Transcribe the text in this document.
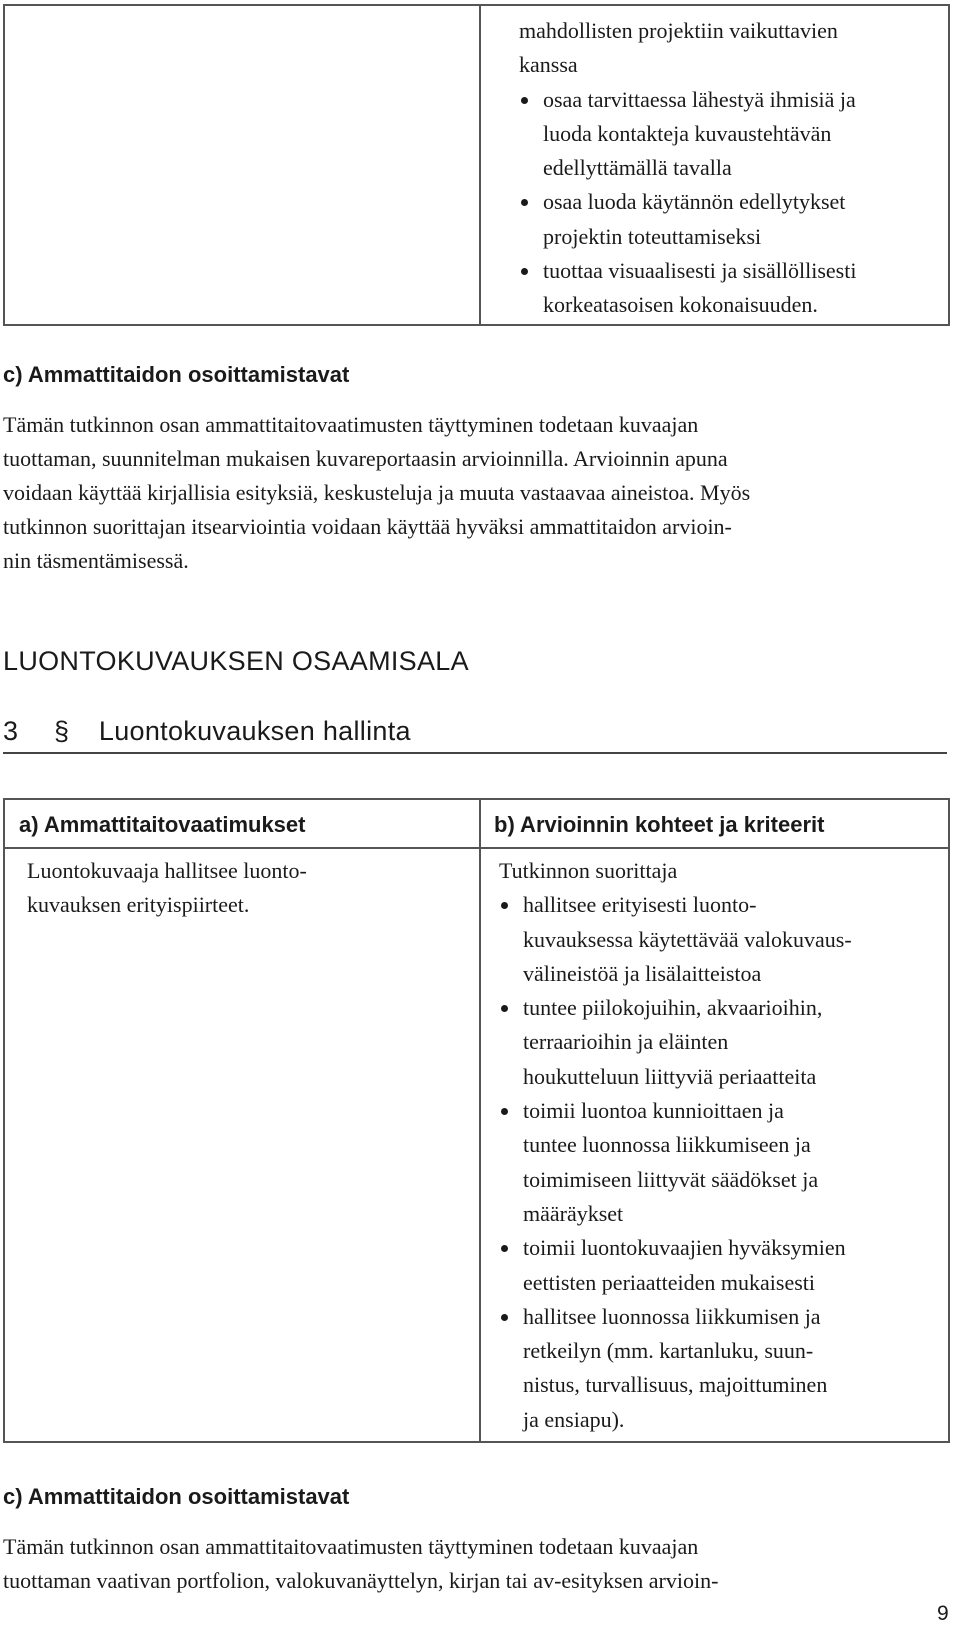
mahdollisten projektiin vaikuttavien
kanssa
osaa tarvittaessa lähestyä ihmisiä ja
luoda kontakteja kuvaustehtävän
edellyttämällä tavalla
osaa luoda käytännön edellytykset
projektin toteuttamiseksi
tuottaa visuaalisesti ja sisällöllisesti
korkeatasoisen kokonaisuuden.
c) Ammattitaidon osoittamistavat
Tämän tutkinnon osan ammattitaitovaatimusten täyttyminen todetaan kuvaajan
tuottaman, suunnitelman mukaisen kuvareportaasin arvioinnilla. Arvioinnin apuna
voidaan käyttää kirjallisia esityksiä, keskusteluja ja muuta vastaavaa aineistoa. Myös
tutkinnon suorittajan itsearviointia voidaan käyttää hyväksi ammattitaidon arvioin-
nin täsmentämisessä.
LUONTOKUVAUKSEN OSAAMISALA
3 § Luontokuvauksen hallinta
a) Ammattitaitovaatimukset	b) Arvioinnin kohteet ja kriteerit
Luontokuvaaja hallitsee luonto-
kuvauksen erityispiirteet.
Tutkinnon suorittaja
hallitsee erityisesti luonto-
kuvauksessa käytettävää valokuvaus-
välineistöä ja lisälaitteistoa
tuntee piilokojuihin, akvaarioihin,
terraarioihin ja eläinten
houkutteluun liittyviä periaatteita
toimii luontoa kunnioittaen ja
tuntee luonnossa liikkumiseen ja
toimimiseen liittyvät säädökset ja
määräykset
toimii luontokuvaajien hyväksymien
eettisten periaatteiden mukaisesti
hallitsee luonnossa liikkumisen ja
retkeilyn (mm. kartanluku, suun-
nistus, turvallisuus, majoittuminen
ja ensiapu).
c) Ammattitaidon osoittamistavat
Tämän tutkinnon osan ammattitaitovaatimusten täyttyminen todetaan kuvaajan
tuottaman vaativan portfolion, valokuvanäyttelyn, kirjan tai av-esityksen arvioin-
9
